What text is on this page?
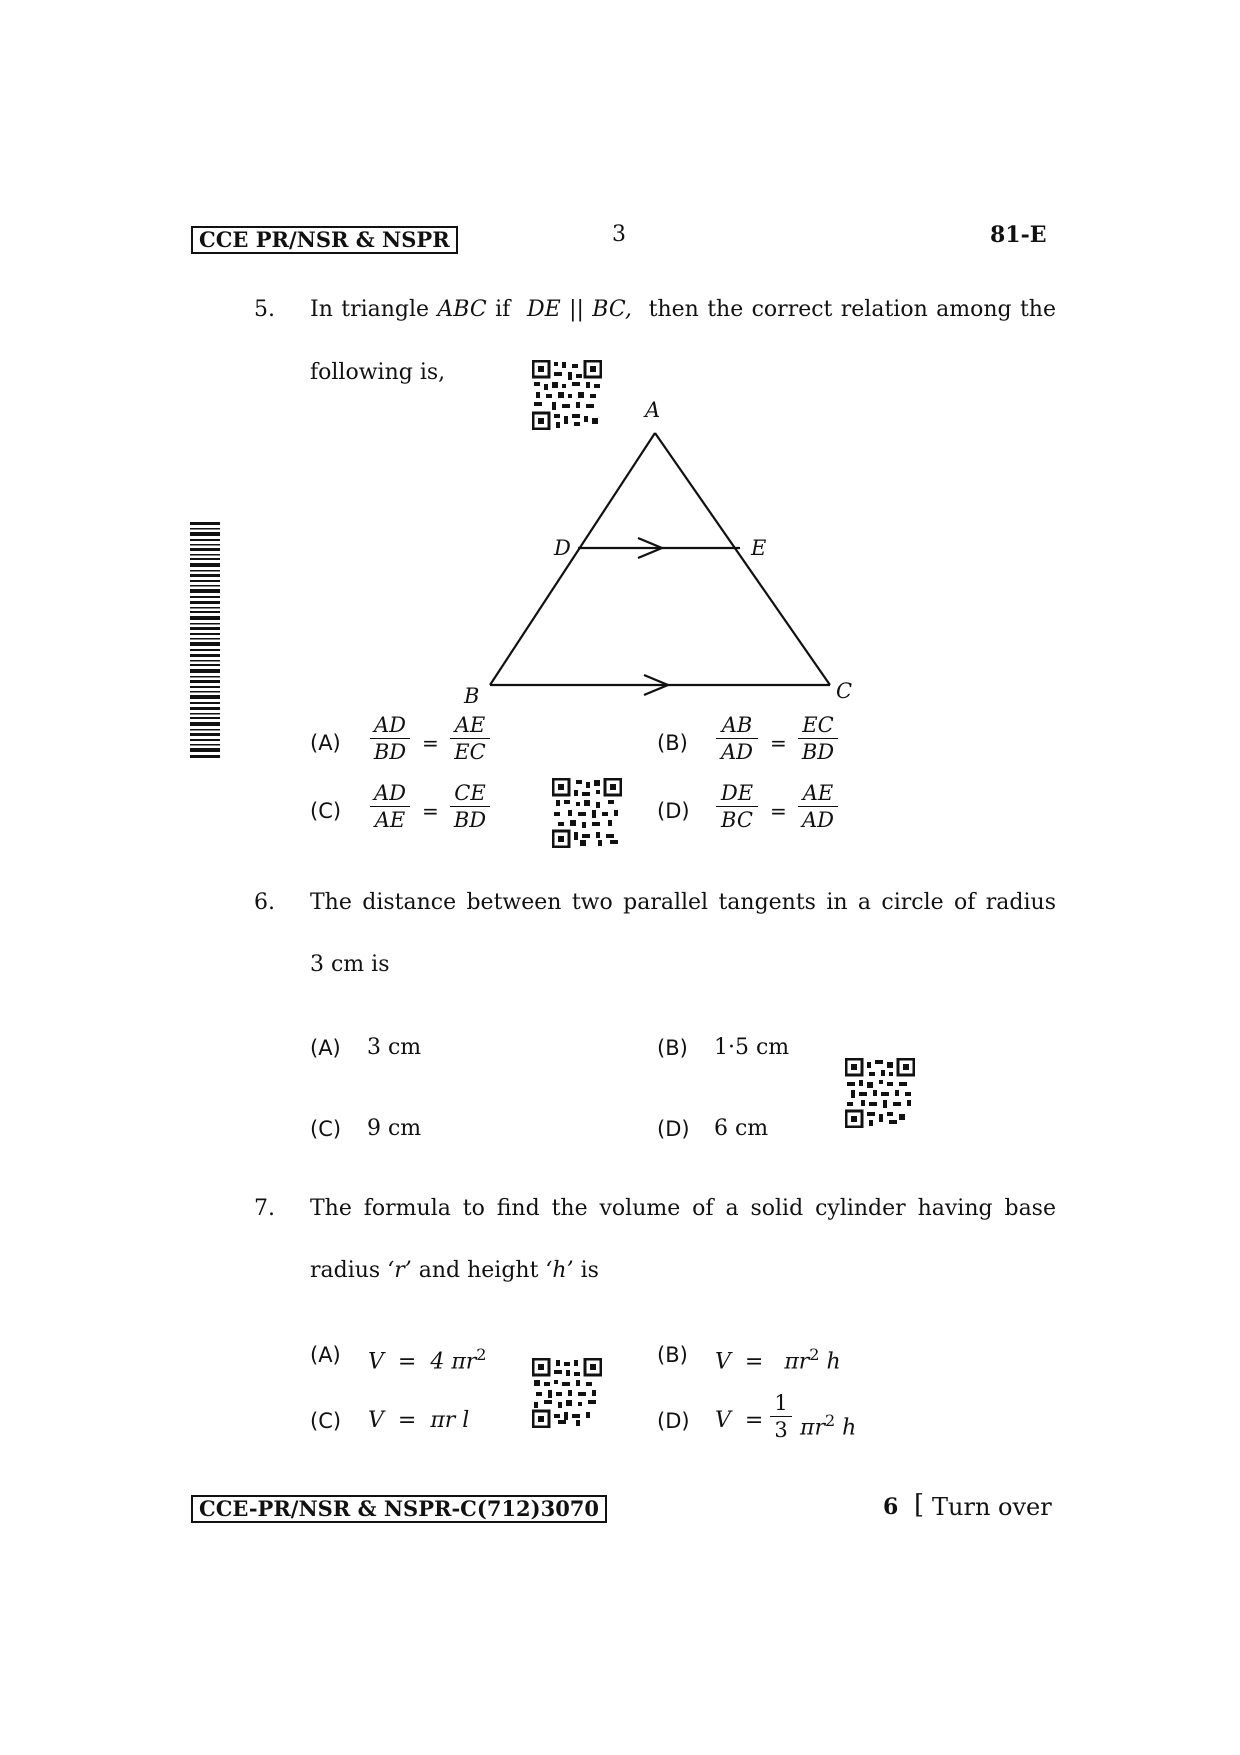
CCE PR/NSR & NSPR	3	81-E
5. In triangle ABC if DE || BC, then the correct relation among the
following is,
A
D	E
B	C
(A)
AD
BD =
AE
EC	(B)
AB
AD =
EC
BD
(C)
AD
AE =
CE
BD	(D)
DE
BC =
AE
AD
6. The distance between two parallel tangents in a circle of radius
3 cm is
(A) 3 cm	(B) 1·5 cm
(C) 9 cm	(D) 6 cm
7. The formula to find the volume of a solid cylinder having base
radius ‘r’ and height ‘h’ is
(A) V = 4 $\pi r^2$	(B) $V = \pi r^2$ h
(C) V = πr l	(D) V =
1
3 $\pi r^2$ h
CCE-PR/NSR & NSPR-C(712)3070	6 [ Turn over
